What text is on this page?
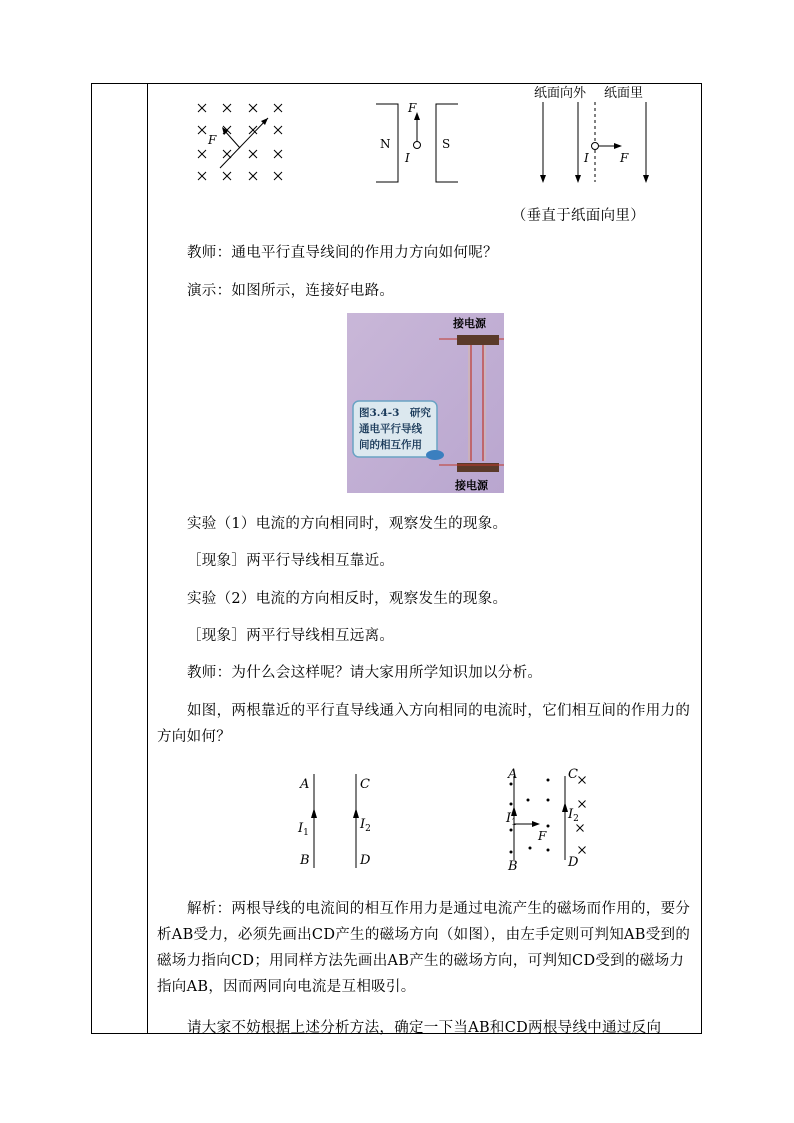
F	N	S
F
I
纸面向外 纸面里
I	F
（垂直于纸面向里）
教师：通电平行直导线间的作用力方向如何呢？
演示：如图所示，连接好电路。
接电源
接电源
图3.4-3　研究
通电平行导线
间的相互作用
实验（1）电流的方向相同时，观察发生的现象。
［现象］两平行导线相互靠近。
实验（2）电流的方向相反时，观察发生的现象。
［现象］两平行导线相互远离。
教师：为什么会这样呢？请大家用所学知识加以分析。
如图，两根靠近的平行直导线通入方向相同的电流时，它们相互间的作用力的方向如何？
A
B
C
D
$I_1$
$I_2$
A
B
C
D
$I_1$
$I_2$
F
解析：两根导线的电流间的相互作用力是通过电流产生的磁场而作用的，要分析AB受力，必须先画出CD产生的磁场方向（如图），由左手定则可判知AB受到的磁场力指向CD；用同样方法先画出AB产生的磁场方向，可判知CD受到的磁场力指向AB，因而两同向电流是互相吸引。
请大家不妨根据上述分析方法，确定一下当AB和CD两根导线中通过反向
